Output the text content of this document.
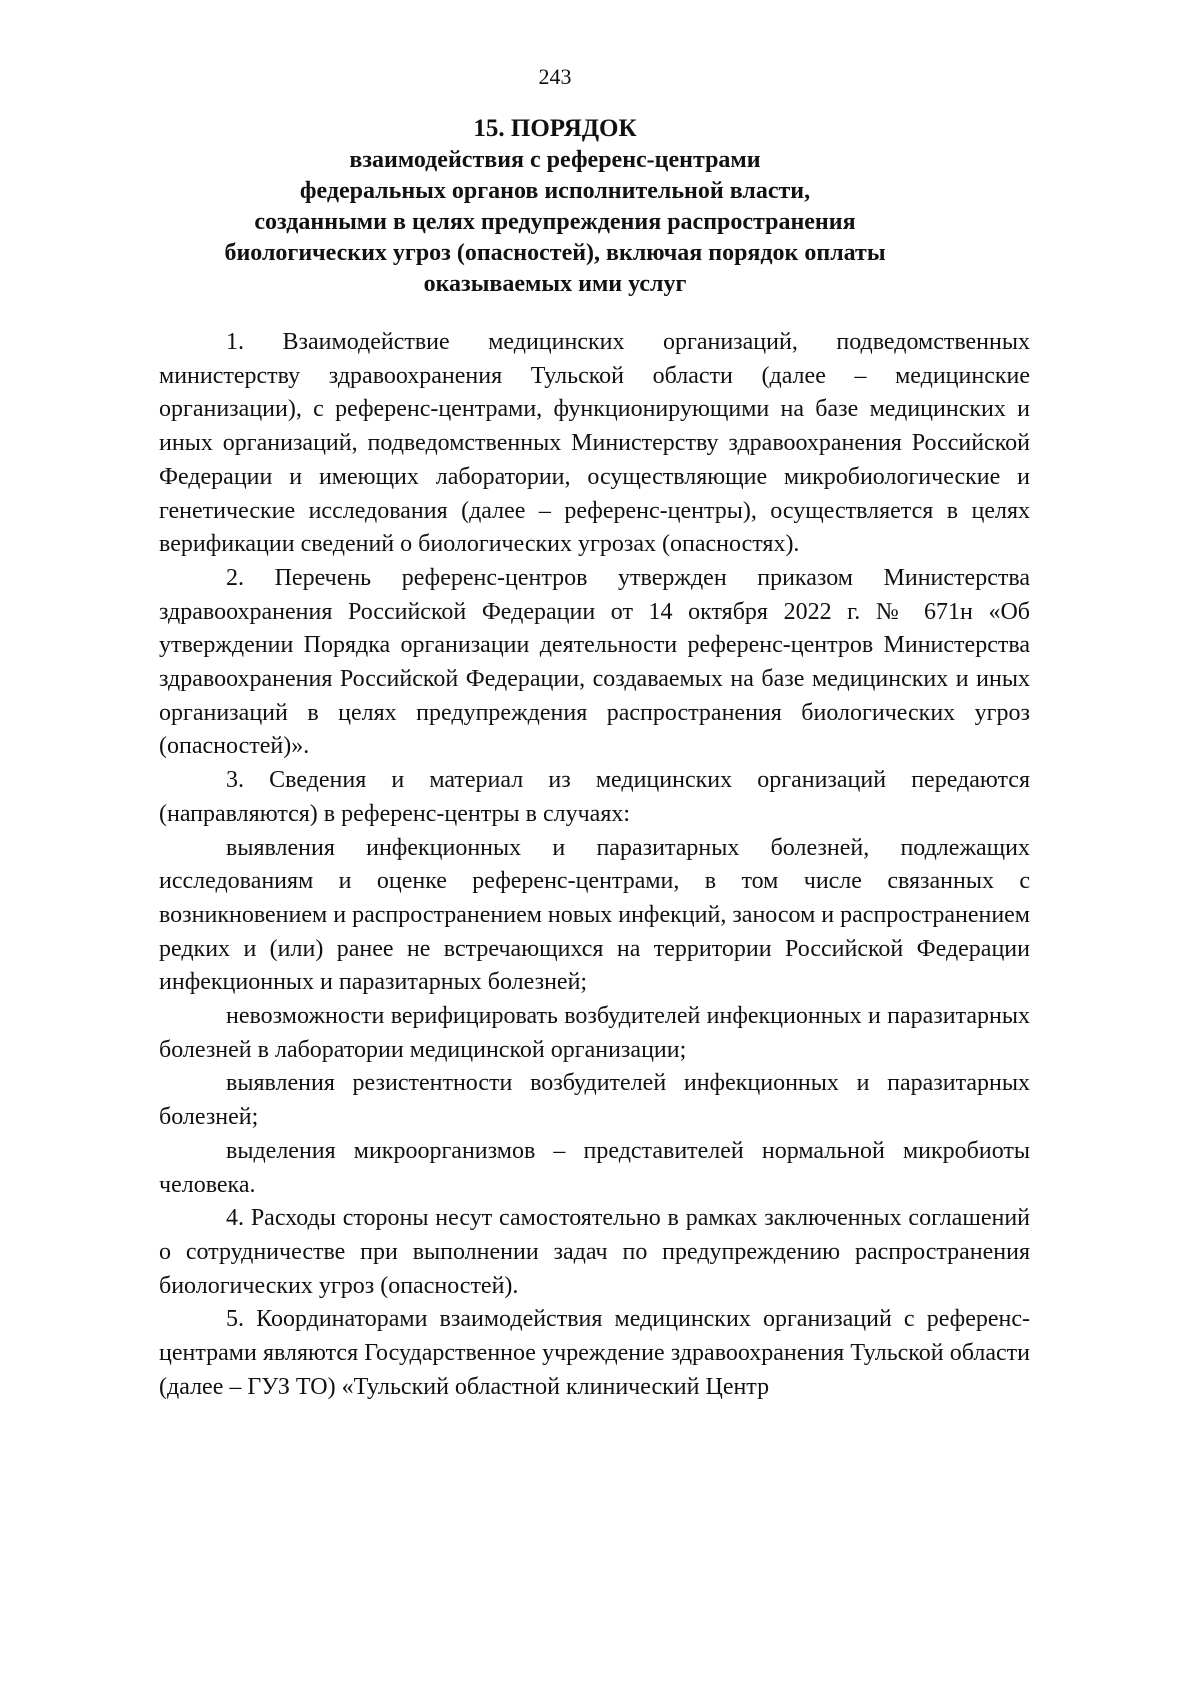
243
15. ПОРЯДОК
взаимодействия с референс-центрами
федеральных органов исполнительной власти,
созданными в целях предупреждения распространения
биологических угроз (опасностей), включая порядок оплаты
оказываемых ими услуг

1. Взаимодействие медицинских организаций, подведомственных министерству здравоохранения Тульской области (далее – медицинские организации), с референс-центрами, функционирующими на базе медицинских и иных организаций, подведомственных Министерству здравоохранения Российской Федерации и имеющих лаборатории, осуществляющие микробиологические и генетические исследования (далее – референс-центры), осуществляется в целях верификации сведений о биологических угрозах (опасностях).

2. Перечень референс-центров утвержден приказом Министерства здравоохранения Российской Федерации от 14 октября 2022 г. № 671н «Об утверждении Порядка организации деятельности референс-центров Министерства здравоохранения Российской Федерации, создаваемых на базе медицинских и иных организаций в целях предупреждения распространения биологических угроз (опасностей)».

3. Сведения и материал из медицинских организаций передаются (направляются) в референс-центры в случаях:

выявления инфекционных и паразитарных болезней, подлежащих исследованиям и оценке референс-центрами, в том числе связанных с возникновением и распространением новых инфекций, заносом и распространением редких и (или) ранее не встречающихся на территории Российской Федерации инфекционных и паразитарных болезней;

невозможности верифицировать возбудителей инфекционных и паразитарных болезней в лаборатории медицинской организации;

выявления резистентности возбудителей инфекционных и паразитарных болезней;

выделения микроорганизмов – представителей нормальной микробиоты человека.

4. Расходы стороны несут самостоятельно в рамках заключенных соглашений о сотрудничестве при выполнении задач по предупреждению распространения биологических угроз (опасностей).

5. Координаторами взаимодействия медицинских организаций с референс-центрами являются Государственное учреждение здравоохранения Тульской области (далее – ГУЗ ТО) «Тульский областной клинический Центр
